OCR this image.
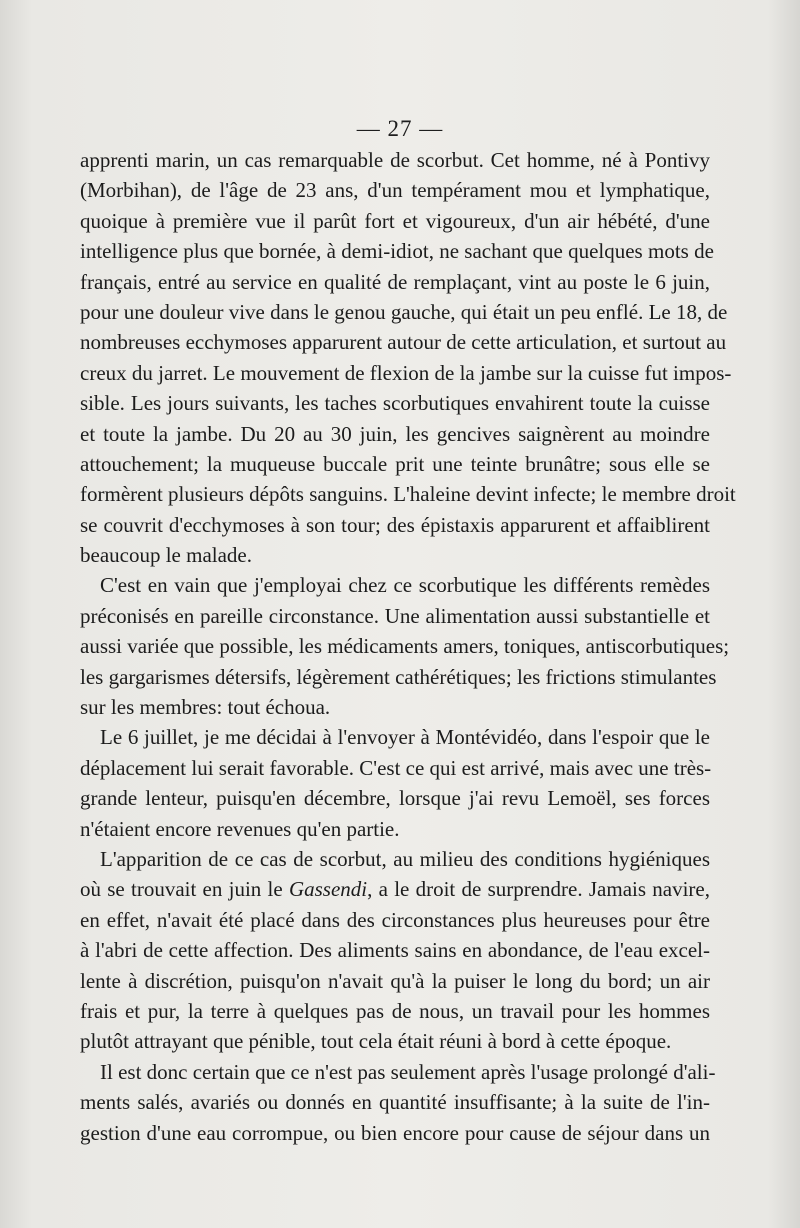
— 27 —
apprenti marin, un cas remarquable de scorbut. Cet homme, né à Pontivy
(Morbihan), de l'âge de 23 ans, d'un tempérament mou et lymphatique,
quoique à première vue il parût fort et vigoureux, d'un air hébété, d'une
intelligence plus que bornée, à demi-idiot, ne sachant que quelques mots de
français, entré au service en qualité de remplaçant, vint au poste le 6 juin,
pour une douleur vive dans le genou gauche, qui était un peu enflé. Le 18, de
nombreuses ecchymoses apparurent autour de cette articulation, et surtout au
creux du jarret. Le mouvement de flexion de la jambe sur la cuisse fut impos-
sible. Les jours suivants, les taches scorbutiques envahirent toute la cuisse
et toute la jambe. Du 20 au 30 juin, les gencives saignèrent au moindre
attouchement; la muqueuse buccale prit une teinte brunâtre; sous elle se
formèrent plusieurs dépôts sanguins. L'haleine devint infecte; le membre droit
se couvrit d'ecchymoses à son tour; des épistaxis apparurent et affaiblirent
beaucoup le malade.
C'est en vain que j'employai chez ce scorbutique les différents remèdes
préconisés en pareille circonstance. Une alimentation aussi substantielle et
aussi variée que possible, les médicaments amers, toniques, antiscorbutiques;
les gargarismes détersifs, légèrement cathérétiques; les frictions stimulantes
sur les membres: tout échoua.
Le 6 juillet, je me décidai à l'envoyer à Montévidéo, dans l'espoir que le
déplacement lui serait favorable. C'est ce qui est arrivé, mais avec une très-
grande lenteur, puisqu'en décembre, lorsque j'ai revu Lemoël, ses forces
n'étaient encore revenues qu'en partie.
L'apparition de ce cas de scorbut, au milieu des conditions hygiéniques
où se trouvait en juin le Gassendi, a le droit de surprendre. Jamais navire,
en effet, n'avait été placé dans des circonstances plus heureuses pour être
à l'abri de cette affection. Des aliments sains en abondance, de l'eau excel-
lente à discrétion, puisqu'on n'avait qu'à la puiser le long du bord; un air
frais et pur, la terre à quelques pas de nous, un travail pour les hommes
plutôt attrayant que pénible, tout cela était réuni à bord à cette époque.
Il est donc certain que ce n'est pas seulement après l'usage prolongé d'ali-
ments salés, avariés ou donnés en quantité insuffisante; à la suite de l'in-
gestion d'une eau corrompue, ou bien encore pour cause de séjour dans un
